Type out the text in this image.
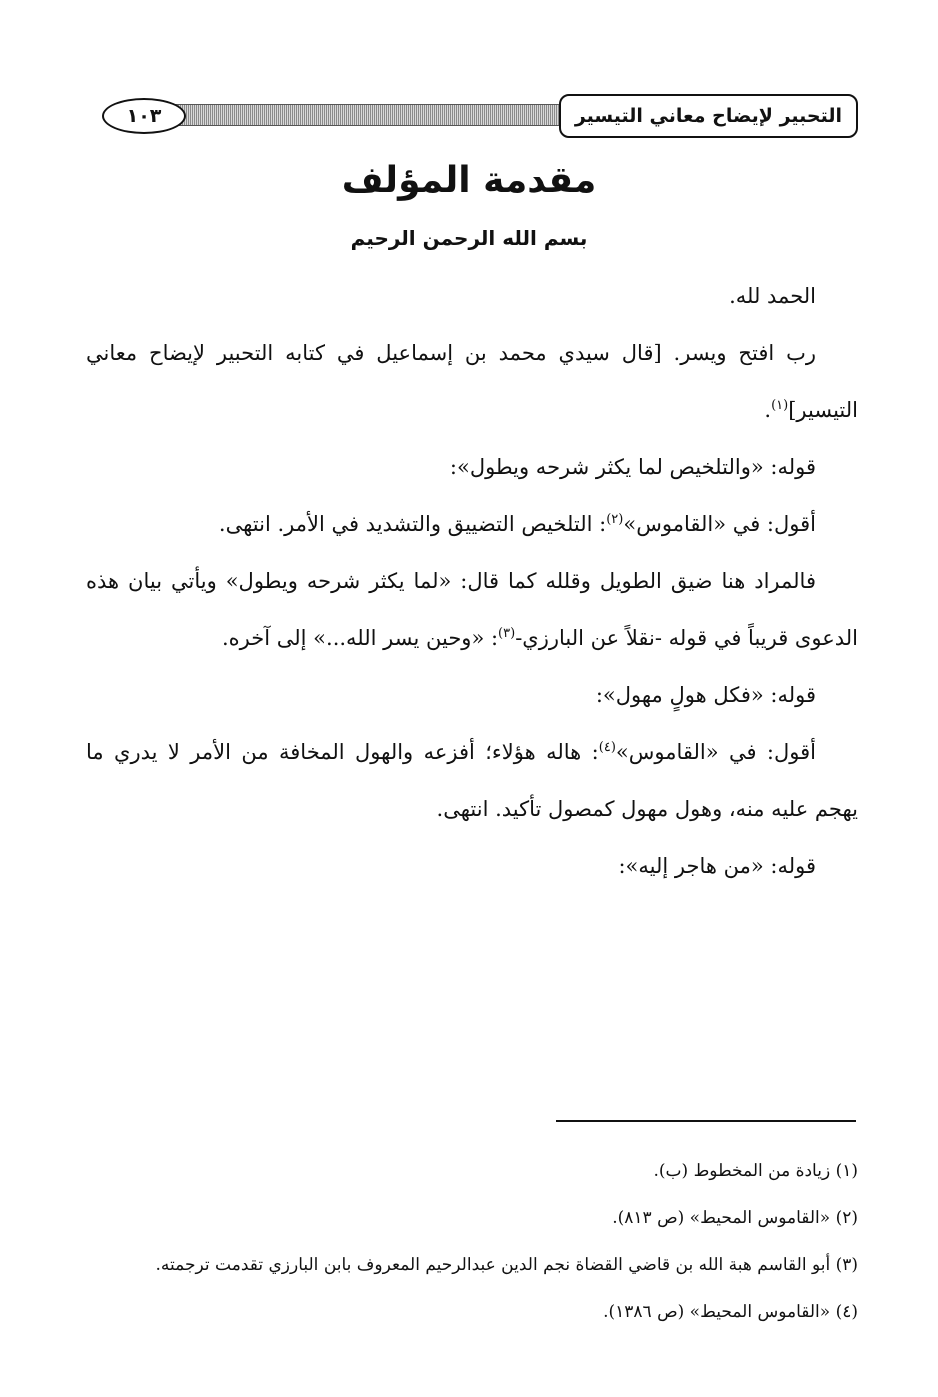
التحبير لإيضاح معاني التيسير
١٠٣
مقدمة المؤلف
بسم الله الرحمن الرحيم

الحمد لله.

رب افتح ويسر. [قال سيدي محمد بن إسماعيل في كتابه التحبير لإيضاح معاني التيسير]$^{(١)}$.

قوله: «والتلخيص لما يكثر شرحه ويطول»:

أقول: في «القاموس»$^{(٢)}$: التلخيص التضييق والتشديد في الأمر. انتهى.

فالمراد هنا ضيق الطويل وقلله كما قال: «لما يكثر شرحه ويطول» ويأتي بيان هذه الدعوى قريباً في قوله -نقلاً عن البارزي-$^{(٣)}$: «وحين يسر الله...» إلى آخره.

قوله: «فكل هولٍ مهول»:

أقول: في «القاموس»$^{(٤)}$: هاله هؤلاء؛ أفزعه والهول المخافة من الأمر لا يدري ما يهجم عليه منه، وهول مهول كمصول تأكيد. انتهى.

قوله: «من هاجر إليه»:

(١) زيادة من المخطوط (ب).

(٢) «القاموس المحيط» (ص ٨١٣).

(٣) أبو القاسم هبة الله بن قاضي القضاة نجم الدين عبدالرحيم المعروف بابن البارزي تقدمت ترجمته.

(٤) «القاموس المحيط» (ص ١٣٨٦).
